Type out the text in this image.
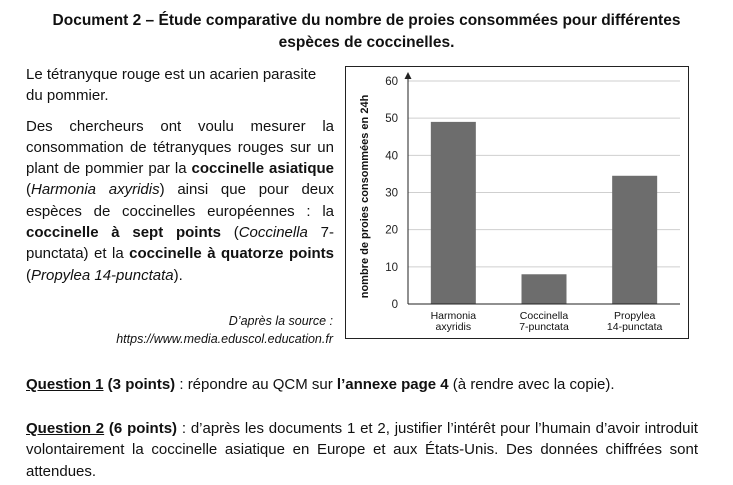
Document 2 – Étude comparative du nombre de proies consommées pour différentes
espèces de coccinelles.

Le tétranyque rouge est un acarien parasite du pommier.

Des chercheurs ont voulu mesurer la consommation de tétranyques rouges sur un plant de pommier par la coccinelle asiatique (Harmonia axyridis) ainsi que pour deux espèces de coccinelles européennes : la coccinelle à sept points (Coccinella 7-punctata) et la coccinelle à quatorze points (Propylea 14-punctata).

D’après la source :
https://www.media.eduscol.education.fr
0
10
20
30
40
50
60
Harmonia
axyridis
Coccinella
7-punctata
Propylea
14-punctata
nombre de proies consommées en 24h

Question 1 (3 points) : répondre au QCM sur l’annexe page 4 (à rendre avec la copie).

Question 2 (6 points) : d’après les documents 1 et 2, justifier l’intérêt pour l’humain d’avoir introduit volontairement la coccinelle asiatique en Europe et aux États-Unis. Des données chiffrées sont attendues.
